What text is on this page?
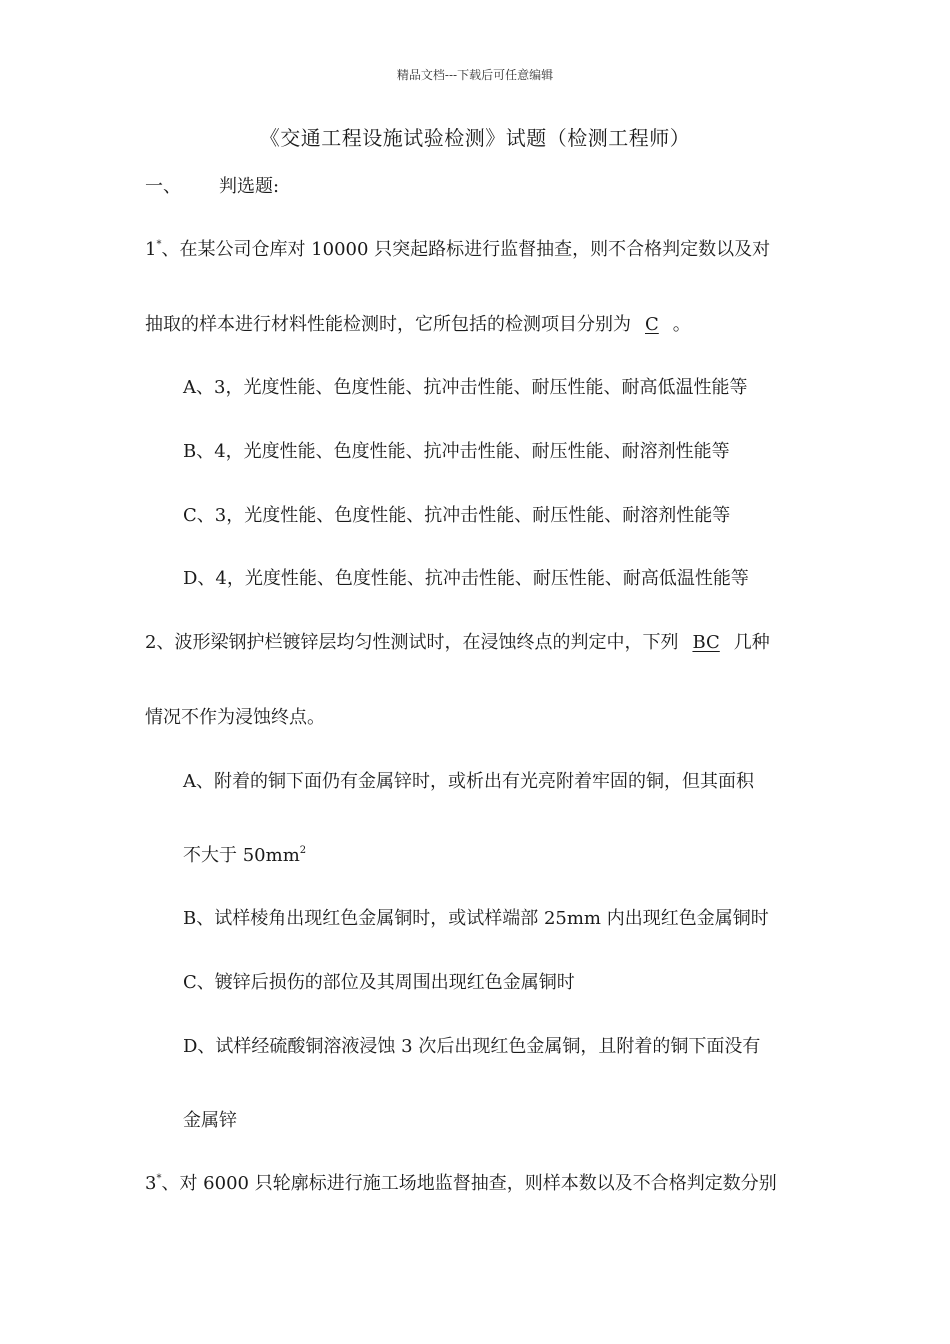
精品文档---下载后可任意编辑
《交通工程设施试验检测》试题（检测工程师）
一、 判选题:
1*、在某公司仓库对 10000 只突起路标进行监督抽查，则不合格判定数以及对
抽取的样本进行材料性能检测时，它所包括的检测项目分别为 C 。
A、3，光度性能、色度性能、抗冲击性能、耐压性能、耐高低温性能等
B、4，光度性能、色度性能、抗冲击性能、耐压性能、耐溶剂性能等
C、3，光度性能、色度性能、抗冲击性能、耐压性能、耐溶剂性能等
D、4，光度性能、色度性能、抗冲击性能、耐压性能、耐高低温性能等
2、波形梁钢护栏镀锌层均匀性测试时，在浸蚀终点的判定中，下列 BC 几种
情况不作为浸蚀终点。
A、附着的铜下面仍有金属锌时，或析出有光亮附着牢固的铜，但其面积
不大于 $50mm^2$
B、试样棱角出现红色金属铜时，或试样端部 25mm 内出现红色金属铜时
C、镀锌后损伤的部位及其周围出现红色金属铜时
D、试样经硫酸铜溶液浸蚀 3 次后出现红色金属铜，且附着的铜下面没有
金属锌
3*、对 6000 只轮廓标进行施工场地监督抽查，则样本数以及不合格判定数分别
